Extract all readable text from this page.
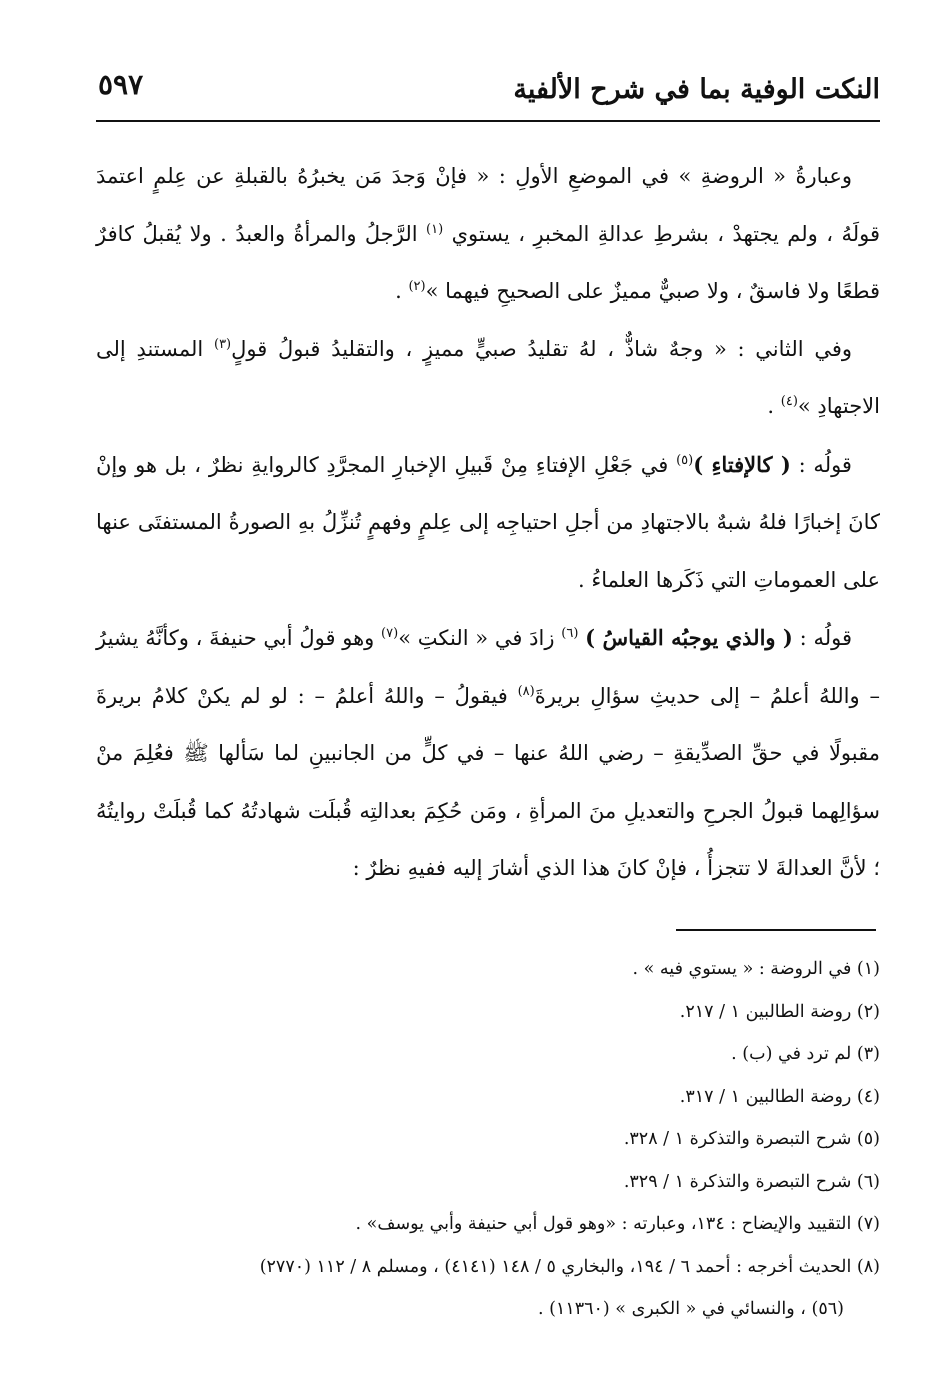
النكت الوفية بما في شرح الألفية
٥٩٧

وعبارةُ « الروضةِ » في الموضعِ الأولِ : « فإنْ وَجدَ مَن يخبرُهُ بالقبلةِ عن عِلمٍ اعتمدَ قولَهُ ، ولم يجتهدْ ، بشرطِ عدالةِ المخبرِ ، يستوي $^{(١)}$ الرَّجلُ والمرأةُ والعبدُ . ولا يُقبلُ كافرٌ قطعًا ولا فاسقٌ ، ولا صبيٌّ مميزٌ على الصحيحِ فيهما »$^{(٢)}$ .

وفي الثاني : « وجهٌ شاذٌّ ، لهُ تقليدُ صبيٍّ مميزٍ ، والتقليدُ قبولُ قولٍ$^{(٣)}$ المستندِ إلى الاجتهادِ »$^{(٤)}$ .

قولُه : ( كالإفتاءِ )$^{(٥)}$ في جَعْلِ الإفتاءِ مِنْ قَبيلِ الإخبارِ المجرَّدِ كالروايةِ نظرٌ ، بل هو وإنْ كانَ إخبارًا فلهُ شبهٌ بالاجتهادِ من أجلِ احتياجِه إلى عِلمٍ وفهمٍ تُنزِّلُ بهِ الصورةُ المستفتَى عنها على العموماتِ التي ذَكَرها العلماءُ .

قولُه : ( والذي يوجبُه القياسُ ) $^{(٦)}$ زادَ في « النكتِ »$^{(٧)}$ وهو قولُ أبي حنيفةَ ، وكأنَّهُ يشيرُ – واللهُ أعلمُ – إلى حديثِ سؤالِ بريرةَ$^{(٨)}$ فيقولُ – واللهُ أعلمُ – : لو لم يكنْ كلامُ بريرةَ مقبولًا في حقِّ الصدِّيقةِ – رضي اللهُ عنها – في كلٍّ من الجانبينِ لما سَألها ﷺ فعُلِمَ منْ سؤالِهما قبولُ الجرحِ والتعديلِ منَ المرأةِ ، ومَن حُكِمَ بعدالتِه قُبلَت شهادتُهُ كما قُبلَتْ روايتُهُ ؛ لأنَّ العدالةَ لا تتجزأُ ، فإنْ كانَ هذا الذي أشارَ إليه ففيهِ نظرٌ :

(١) في الروضة : « يستوي فيه » .
(٢) روضة الطالبين ١ / ٢١٧.
(٣) لم ترد في (ب) .
(٤) روضة الطالبين ١ / ٣١٧.
(٥) شرح التبصرة والتذكرة ١ / ٣٢٨.
(٦) شرح التبصرة والتذكرة ١ / ٣٢٩.
(٧) التقييد والإيضاح : ١٣٤، وعبارته : «وهو قول أبي حنيفة وأبي يوسف» .
(٨) الحديث أخرجه : أحمد ٦ / ١٩٤، والبخاري ٥ / ١٤٨ (٤١٤١) ، ومسلم ٨ / ١١٢ (٢٧٧٠)
(٥٦) ، والنسائي في « الكبرى » (١١٣٦٠) .
